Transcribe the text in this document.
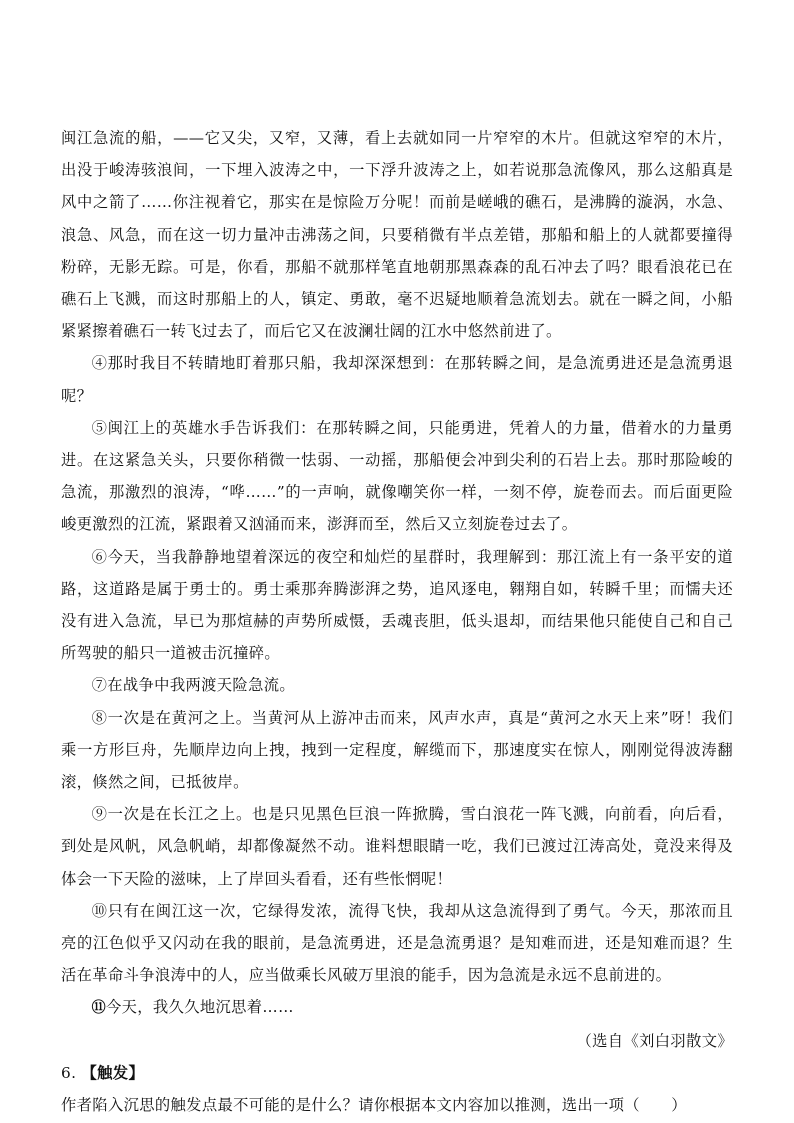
闽江急流的船，——它又尖，又窄，又薄，看上去就如同一片窄窄的木片。但就这窄窄的木片，出没于峻涛骇浪间，一下埋入波涛之中，一下浮升波涛之上，如若说那急流像风，那么这船真是风中之箭了……你注视着它，那实在是惊险万分呢！而前是嵯峨的礁石，是沸腾的漩涡，水急、浪急、风急，而在这一切力量冲击沸荡之间，只要稍微有半点差错，那船和船上的人就都要撞得粉碎，无影无踪。可是，你看，那船不就那样笔直地朝那黑森森的乱石冲去了吗？眼看浪花已在礁石上飞溅，而这时那船上的人，镇定、勇敢，毫不迟疑地顺着急流划去。就在一瞬之间，小船紧紧擦着礁石一转飞过去了，而后它又在波澜壮阔的江水中悠然前进了。

④那时我目不转睛地盯着那只船，我却深深想到：在那转瞬之间，是急流勇进还是急流勇退呢？

⑤闽江上的英雄水手告诉我们：在那转瞬之间，只能勇进，凭着人的力量，借着水的力量勇进。在这紧急关头，只要你稍微一怯弱、一动摇，那船便会冲到尖利的石岩上去。那时那险峻的急流，那激烈的浪涛，“哗……”的一声响，就像嘲笑你一样，一刻不停，旋卷而去。而后面更险峻更激烈的江流，紧跟着又汹涌而来，澎湃而至，然后又立刻旋卷过去了。

⑥今天，当我静静地望着深远的夜空和灿烂的星群时，我理解到：那江流上有一条平安的道路，这道路是属于勇士的。勇士乘那奔腾澎湃之势，追风逐电，翱翔自如，转瞬千里；而懦夫还没有进入急流，早已为那煊赫的声势所威慑，丢魂丧胆，低头退却，而结果他只能使自己和自己所驾驶的船只一道被击沉撞碎。

⑦在战争中我两渡天险急流。

⑧一次是在黄河之上。当黄河从上游冲击而来，风声水声，真是“黄河之水天上来”呀！我们乘一方形巨舟，先顺岸边向上拽，拽到一定程度，解缆而下，那速度实在惊人，刚刚觉得波涛翻滚，倏然之间，已抵彼岸。

⑨一次是在长江之上。也是只见黑色巨浪一阵掀腾，雪白浪花一阵飞溅，向前看，向后看，到处是风帆，风急帆峭，却都像凝然不动。谁料想眼睛一吃，我们已渡过江涛高处，竟没来得及体会一下天险的滋味，上了岸回头看看，还有些怅惘呢！

⑩只有在闽江这一次，它绿得发浓，流得飞快，我却从这急流得到了勇气。今天，那浓而且亮的江色似乎又闪动在我的眼前，是急流勇进，还是急流勇退？是知难而进，还是知难而退？生活在革命斗争浪涛中的人，应当做乘长风破万里浪的能手，因为急流是永远不息前进的。

⑪今天，我久久地沉思着……

（选自《刘白羽散文》

6. 【触发】

作者陷入沉思的触发点最不可能的是什么？请你根据本文内容加以推测，选出一项（　　）
